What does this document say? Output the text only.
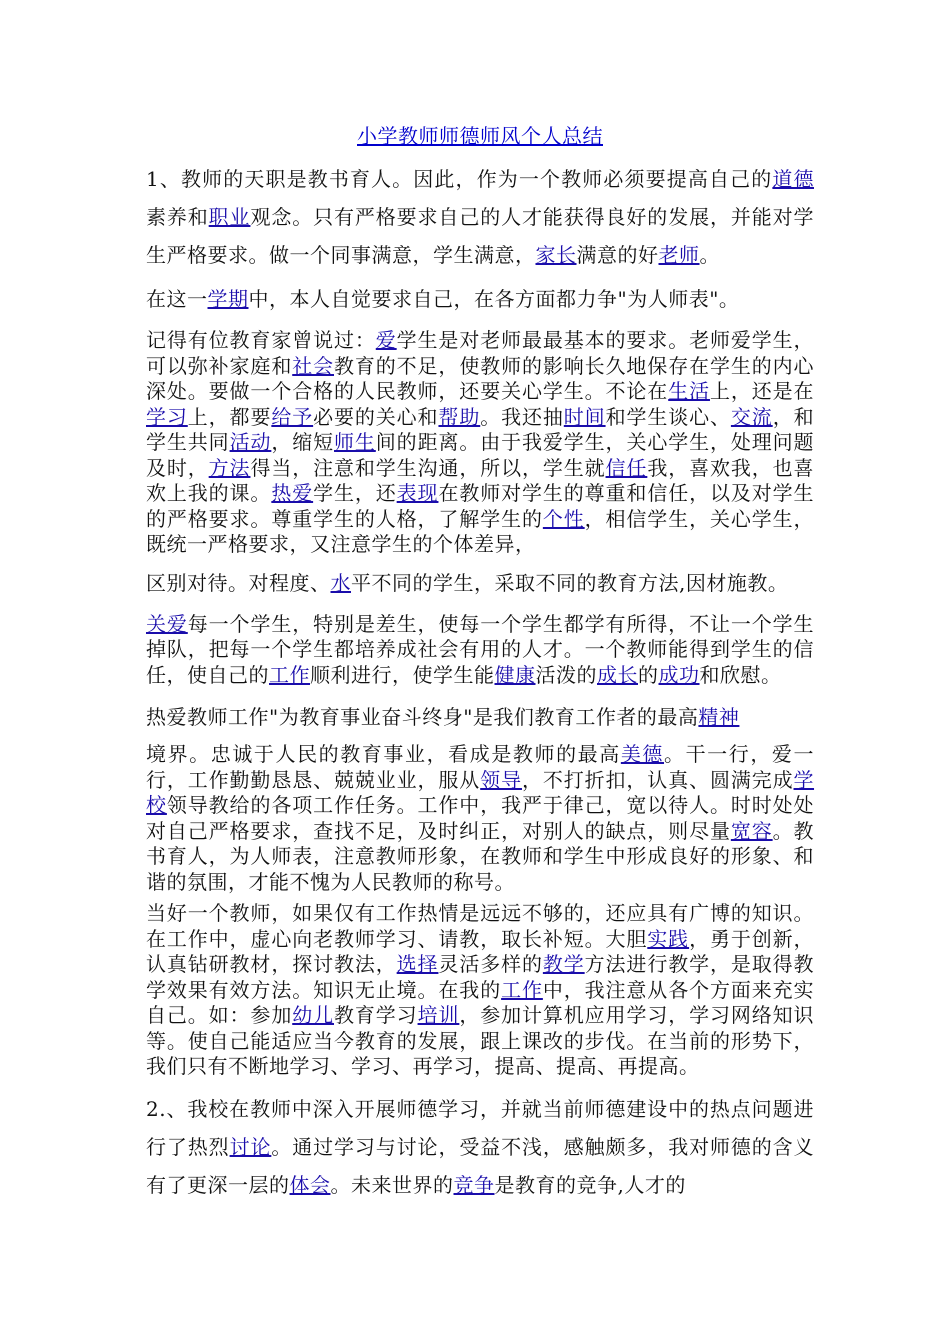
小学教师师德师风个人总结
1、教师的天职是教书育人。因此，作为一个教师必须要提高自己的道德素养和职业观念。只有严格要求自己的人才能获得良好的发展，并能对学生严格要求。做一个同事满意，学生满意，家长满意的好老师。
在这一学期中，本人自觉要求自己，在各方面都力争"为人师表"。
记得有位教育家曾说过：爱学生是对老师最最基本的要求。老师爱学生，可以弥补家庭和社会教育的不足，使教师的影响长久地保存在学生的内心深处。要做一个合格的人民教师，还要关心学生。不论在生活上，还是在学习上，都要给予必要的关心和帮助。我还抽时间和学生谈心、交流，和学生共同活动，缩短师生间的距离。由于我爱学生，关心学生，处理问题及时，方法得当，注意和学生沟通，所以，学生就信任我，喜欢我，也喜欢上我的课。热爱学生，还表现在教师对学生的尊重和信任，以及对学生的严格要求。尊重学生的人格，了解学生的个性，相信学生，关心学生，既统一严格要求，又注意学生的个体差异，
区别对待。对程度、水平不同的学生，采取不同的教育方法,因材施教。
关爱每一个学生，特别是差生，使每一个学生都学有所得，不让一个学生掉队，把每一个学生都培养成社会有用的人才。一个教师能得到学生的信任，使自己的工作顺利进行，使学生能健康活泼的成长的成功和欣慰。
热爱教师工作"为教育事业奋斗终身"是我们教育工作者的最高精神
境界。忠诚于人民的教育事业，看成是教师的最高美德。干一行，爱一行，工作勤勤恳恳、兢兢业业，服从领导，不打折扣，认真、圆满完成学校领导教给的各项工作任务。工作中，我严于律己，宽以待人。时时处处对自己严格要求，查找不足，及时纠正，对别人的缺点，则尽量宽容。教书育人，为人师表，注意教师形象，在教师和学生中形成良好的形象、和谐的氛围，才能不愧为人民教师的称号。
当好一个教师，如果仅有工作热情是远远不够的，还应具有广博的知识。在工作中，虚心向老教师学习、请教，取长补短。大胆实践，勇于创新，认真钻研教材，探讨教法，选择灵活多样的教学方法进行教学，是取得教学效果有效方法。知识无止境。在我的工作中，我注意从各个方面来充实自己。如：参加幼儿教育学习培训，参加计算机应用学习，学习网络知识等。使自己能适应当今教育的发展，跟上课改的步伐。在当前的形势下，我们只有不断地学习、学习、再学习，提高、提高、再提高。
2.、我校在教师中深入开展师德学习，并就当前师德建设中的热点问题进行了热烈讨论。通过学习与讨论，受益不浅，感触颇多，我对师德的含义有了更深一层的体会。未来世界的竞争是教育的竞争,人才的
